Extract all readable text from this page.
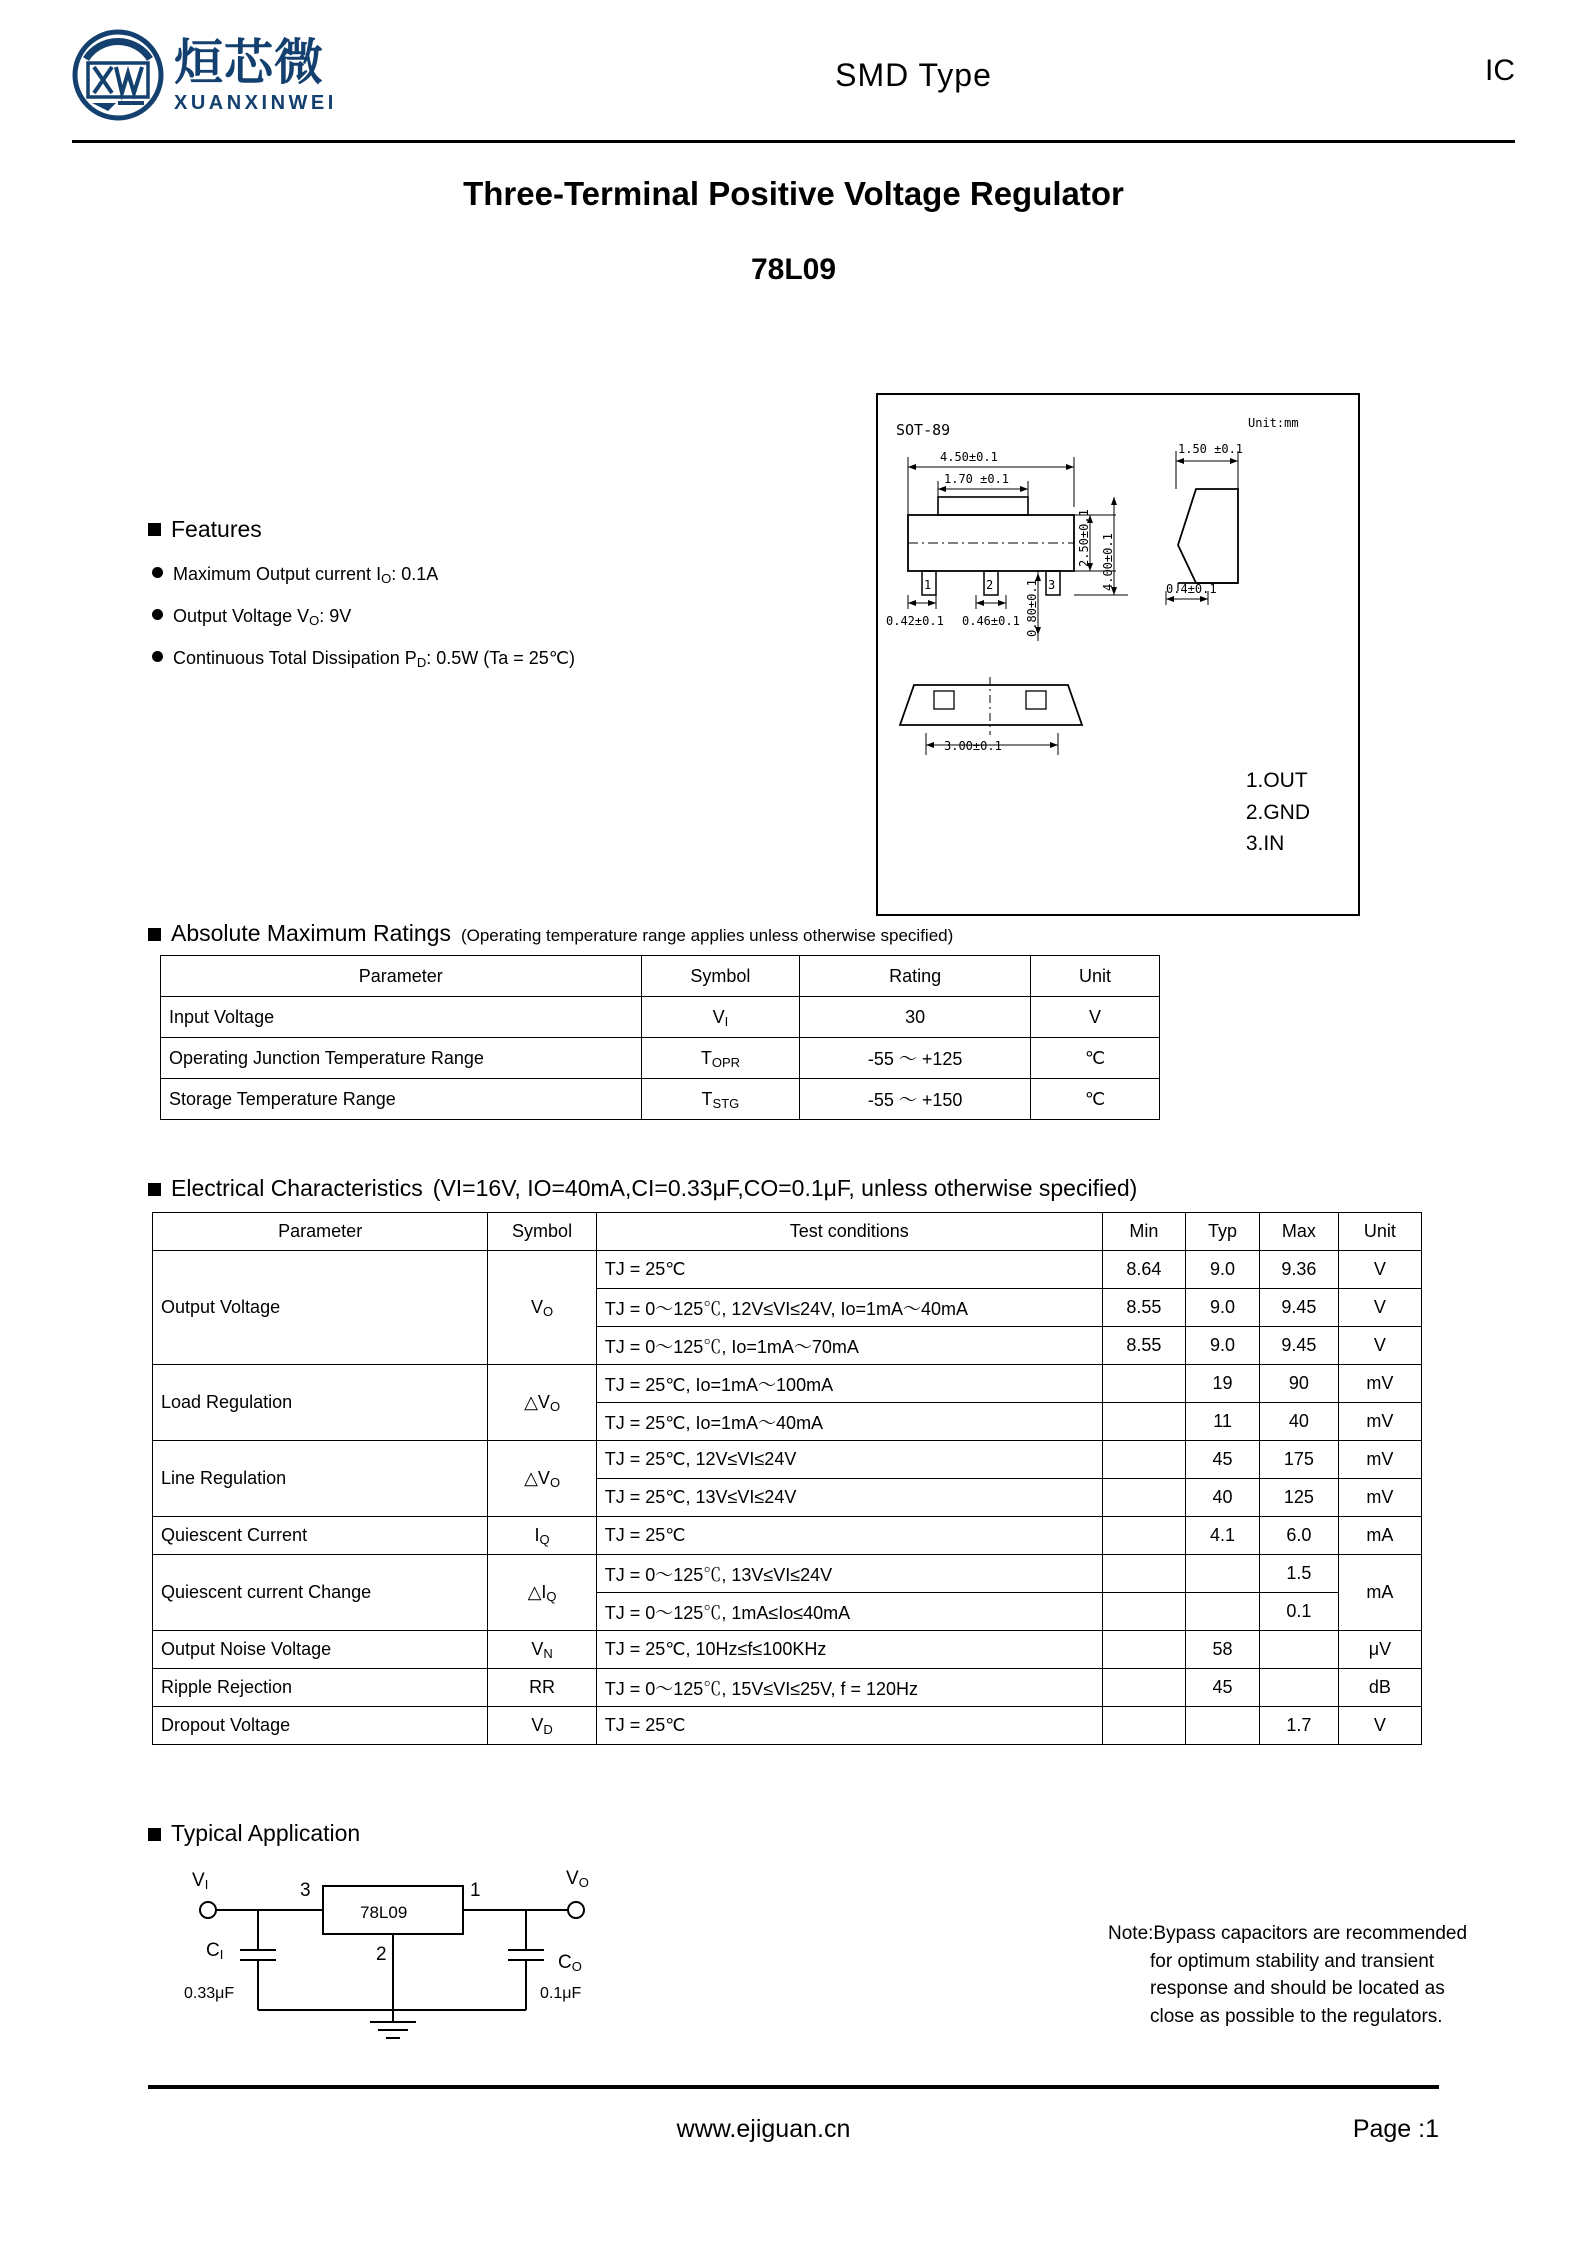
烜芯微
XUANXINWEI
SMD Type	IC
Three-Terminal Positive Voltage Regulator
78L09
Features
Maximum Output current IO: 0.1A
Output Voltage VO: 9V
Continuous Total Dissipation PD: 0.5W (Ta = 25℃)
SOT-89	Unit:mm
4.50±0.1
1.70 ±0.1
1	2	3
2.50±0.1 4.00±0.1
0.42±0.1 0.46±0.1 0.80±0.1
1.50 ±0.1
0.4±0.1
3.00±0.1
1.OUT
2.GND
3.IN
Absolute Maximum Ratings (Operating temperature range applies unless otherwise specified)
Parameter	Symbol	Rating	Unit
Input Voltage	VI	30	V
Operating Junction Temperature Range	TOPR	-55 ～ +125	℃
Storage Temperature Range	TSTG	-55 ～ +150	℃
Electrical Characteristics (VI=16V, IO=40mA,CI=0.33μF,CO=0.1μF, unless otherwise specified)
Parameter	Symbol	Test conditions	Min	Typ	Max	Unit
Output Voltage	VO	TJ = 25℃	8.64	9.0	9.36	V
		TJ = 0～125℃, 12V≤VI≤24V, Io=1mA～40mA	8.55	9.0	9.45	V
		TJ = 0～125℃, Io=1mA～70mA	8.55	9.0	9.45	V
Load Regulation	△VO	TJ = 25℃, Io=1mA～100mA		19	90	mV
		TJ = 25℃, Io=1mA～40mA		11	40	mV
Line Regulation	△VO	TJ = 25℃, 12V≤VI≤24V		45	175	mV
		TJ = 25℃, 13V≤VI≤24V		40	125	mV
Quiescent Current	IQ	TJ = 25℃		4.1	6.0	mA
Quiescent current Change	△IQ	TJ = 0～125℃, 13V≤VI≤24V			1.5	mA
		TJ = 0～125℃, 1mA≤Io≤40mA			0.1	
Output Noise Voltage	VN	TJ = 25℃, 10Hz≤f≤100KHz		58		μV
Ripple Rejection	RR	TJ = 0～125℃, 15V≤VI≤25V, f = 120Hz		45		dB
Dropout Voltage	VD	TJ = 25℃			1.7	V
Typical Application
VI	VO
3	1
2
78L09
CI	CO
0.33μF	0.1μF
Note:Bypass capacitors are recommended
for optimum stability and transient
response and should be located as
close as possible to the regulators.
www.ejiguan.cn	Page :1
